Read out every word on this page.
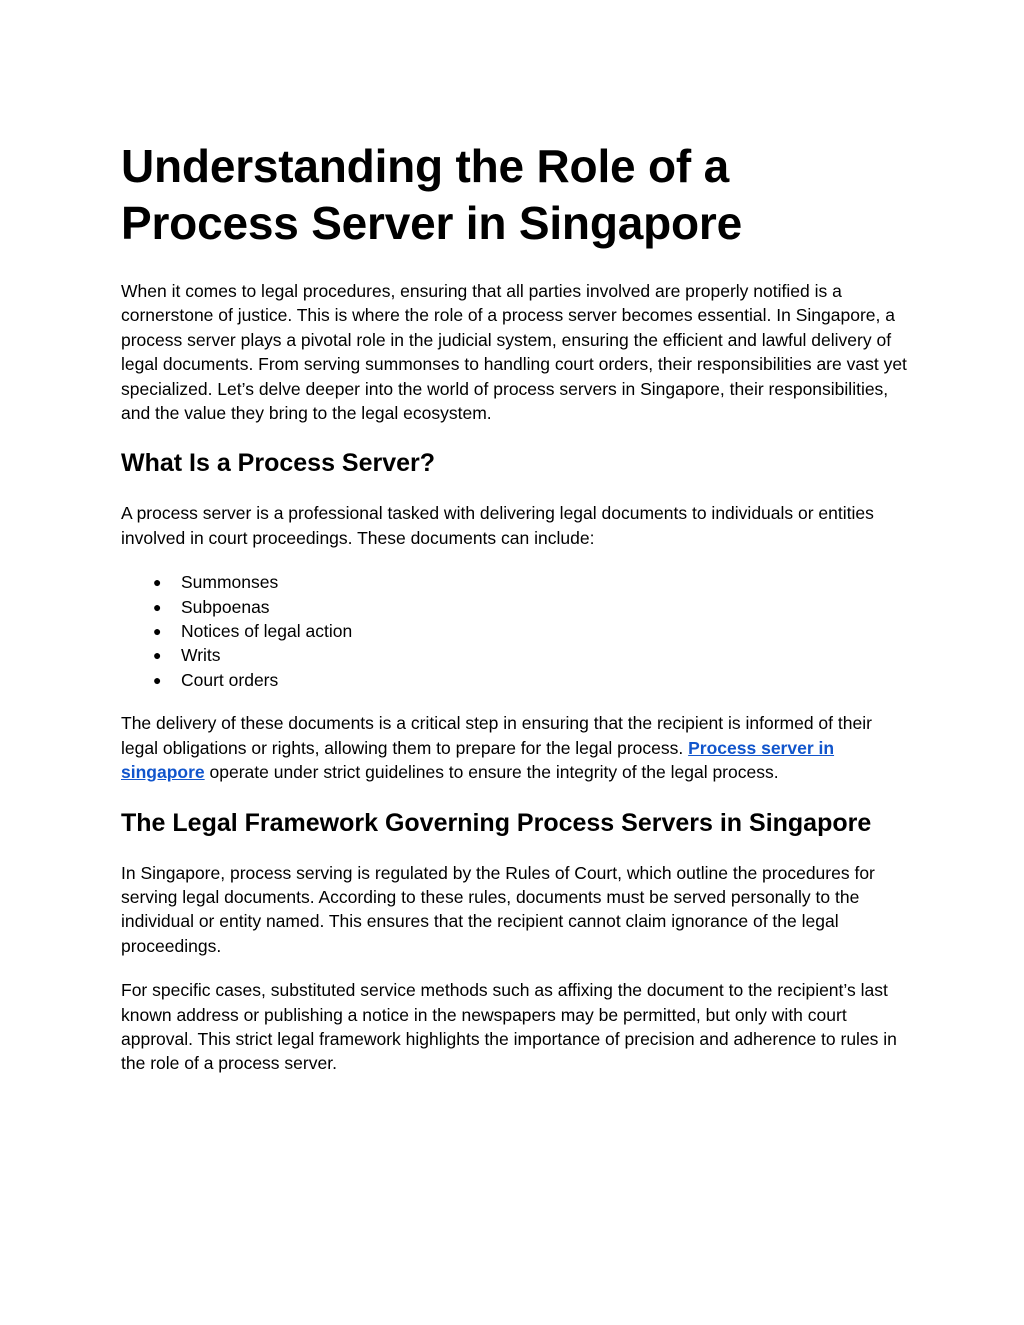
Understanding the Role of a Process Server in Singapore

When it comes to legal procedures, ensuring that all parties involved are properly notified is a cornerstone of justice. This is where the role of a process server becomes essential. In Singapore, a process server plays a pivotal role in the judicial system, ensuring the efficient and lawful delivery of legal documents. From serving summonses to handling court orders, their responsibilities are vast yet specialized. Let’s delve deeper into the world of process servers in Singapore, their responsibilities, and the value they bring to the legal ecosystem.

What Is a Process Server?

A process server is a professional tasked with delivering legal documents to individuals or entities involved in court proceedings. These documents can include:

● Summonses
● Subpoenas
● Notices of legal action
● Writs
● Court orders

The delivery of these documents is a critical step in ensuring that the recipient is informed of their legal obligations or rights, allowing them to prepare for the legal process. Process server in singapore operate under strict guidelines to ensure the integrity of the legal process.

The Legal Framework Governing Process Servers in Singapore

In Singapore, process serving is regulated by the Rules of Court, which outline the procedures for serving legal documents. According to these rules, documents must be served personally to the individual or entity named. This ensures that the recipient cannot claim ignorance of the legal proceedings.

For specific cases, substituted service methods such as affixing the document to the recipient’s last known address or publishing a notice in the newspapers may be permitted, but only with court approval. This strict legal framework highlights the importance of precision and adherence to rules in the role of a process server.
